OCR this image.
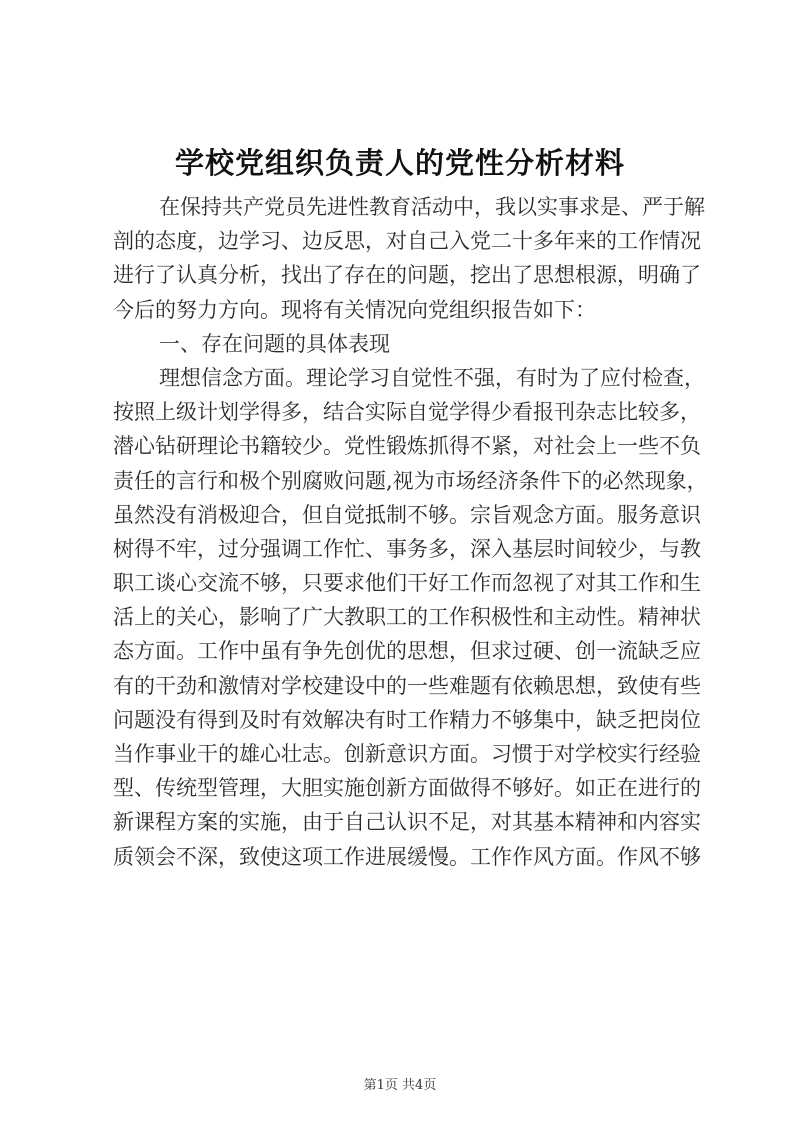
学校党组织负责人的党性分析材料
在保持共产党员先进性教育活动中，我以实事求是、严于解
剖的态度，边学习、边反思，对自己入党二十多年来的工作情况
进行了认真分析，找出了存在的问题，挖出了思想根源，明确了
今后的努力方向。现将有关情况向党组织报告如下：
一、存在问题的具体表现
理想信念方面。理论学习自觉性不强，有时为了应付检查，
按照上级计划学得多，结合实际自觉学得少看报刊杂志比较多，
潜心钻研理论书籍较少。党性锻炼抓得不紧，对社会上一些不负
责任的言行和极个别腐败问题,视为市场经济条件下的必然现象，
虽然没有消极迎合，但自觉抵制不够。宗旨观念方面。服务意识
树得不牢，过分强调工作忙、事务多，深入基层时间较少，与教
职工谈心交流不够，只要求他们干好工作而忽视了对其工作和生
活上的关心，影响了广大教职工的工作积极性和主动性。精神状
态方面。工作中虽有争先创优的思想，但求过硬、创一流缺乏应
有的干劲和激情对学校建设中的一些难题有依赖思想，致使有些
问题没有得到及时有效解决有时工作精力不够集中，缺乏把岗位
当作事业干的雄心壮志。创新意识方面。习惯于对学校实行经验
型、传统型管理，大胆实施创新方面做得不够好。如正在进行的
新课程方案的实施，由于自己认识不足，对其基本精神和内容实
质领会不深，致使这项工作进展缓慢。工作作风方面。作风不够
第1页 共4页
